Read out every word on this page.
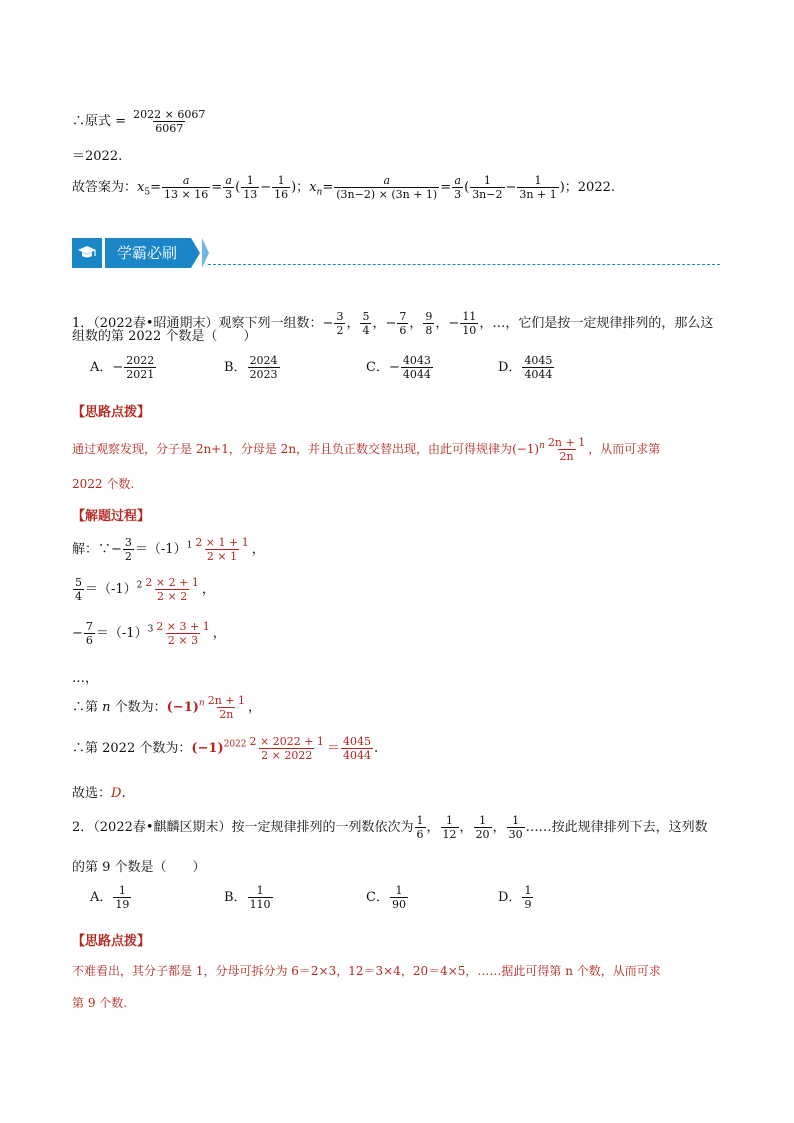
∴原式 = $\frac{2022 \times 6067}{6067}$
＝2022.
故答案为：$x_5= \frac{a}{13 \times 16} = \frac{a}{3}$ ( $\frac{1}{13} - \frac{1}{16}$ )；$x_n= \frac{a}{(3n-2) \times (3n + 1)} = \frac{a}{3}$ ( $\frac{1}{3n-2} - \frac{1}{3n + 1}$ )；2022.
学霸必刷
1．（2022春•昭通期末）观察下列一组数：− $\frac{3}{2}$ ， $\frac{5}{4}$ ，− $\frac{7}{6}$ ， $\frac{9}{8}$ ，− $\frac{11}{10}$ ，…，它们是按一定规律排列的，那么这
组数的第 2022 个数是（　　）
A．− $\frac{2022}{2021}$	B． $\frac{2024}{2023}$	C．− $\frac{4043}{4044}$	D． $\frac{4045}{4044}$
【思路点拨】
通过观察发现，分子是 2n+1，分母是 2n，并且负正数交替出现，由此可得规律为$(-1)^n \frac{2n + 1}{2n}$ ，从而可求第
2022 个数.
【解题过程】
解：∵− $\frac{3}{2} =(-1)^1 \frac{2 \times 1 + 1}{2 \times 1}$ ，
$\frac{5}{4} =(-1)^2 \frac{2 \times 2 + 1}{2 \times 2}$ ，
− $\frac{7}{6} =(-1)^3 \frac{2 \times 3 + 1}{2 \times 3}$ ，
…，
∴第 n 个数为：$(-1)^n \frac{2n + 1}{2n}$ ，
∴第 2022 个数为：$(-1)^{2022} \frac{2 \times 2022 + 1}{2 \times 2022} = \frac{4045}{4044}$ .
故选：D.
2．（2022春•麒麟区期末）按一定规律排列的一列数依次为 $\frac{1}{6}$ ， $\frac{1}{12}$ ， $\frac{1}{20}$ ， $\frac{1}{30}$ ……按此规律排列下去，这列数
的第 9 个数是（　　）
A． $\frac{1}{19}$	B． $\frac{1}{110}$	C． $\frac{1}{90}$	D． $\frac{1}{9}$
【思路点拨】
不难看出，其分子都是 1，分母可拆分为 6＝2×3，12＝3×4，20＝4×5，……据此可得第 n 个数，从而可求
第 9 个数.
